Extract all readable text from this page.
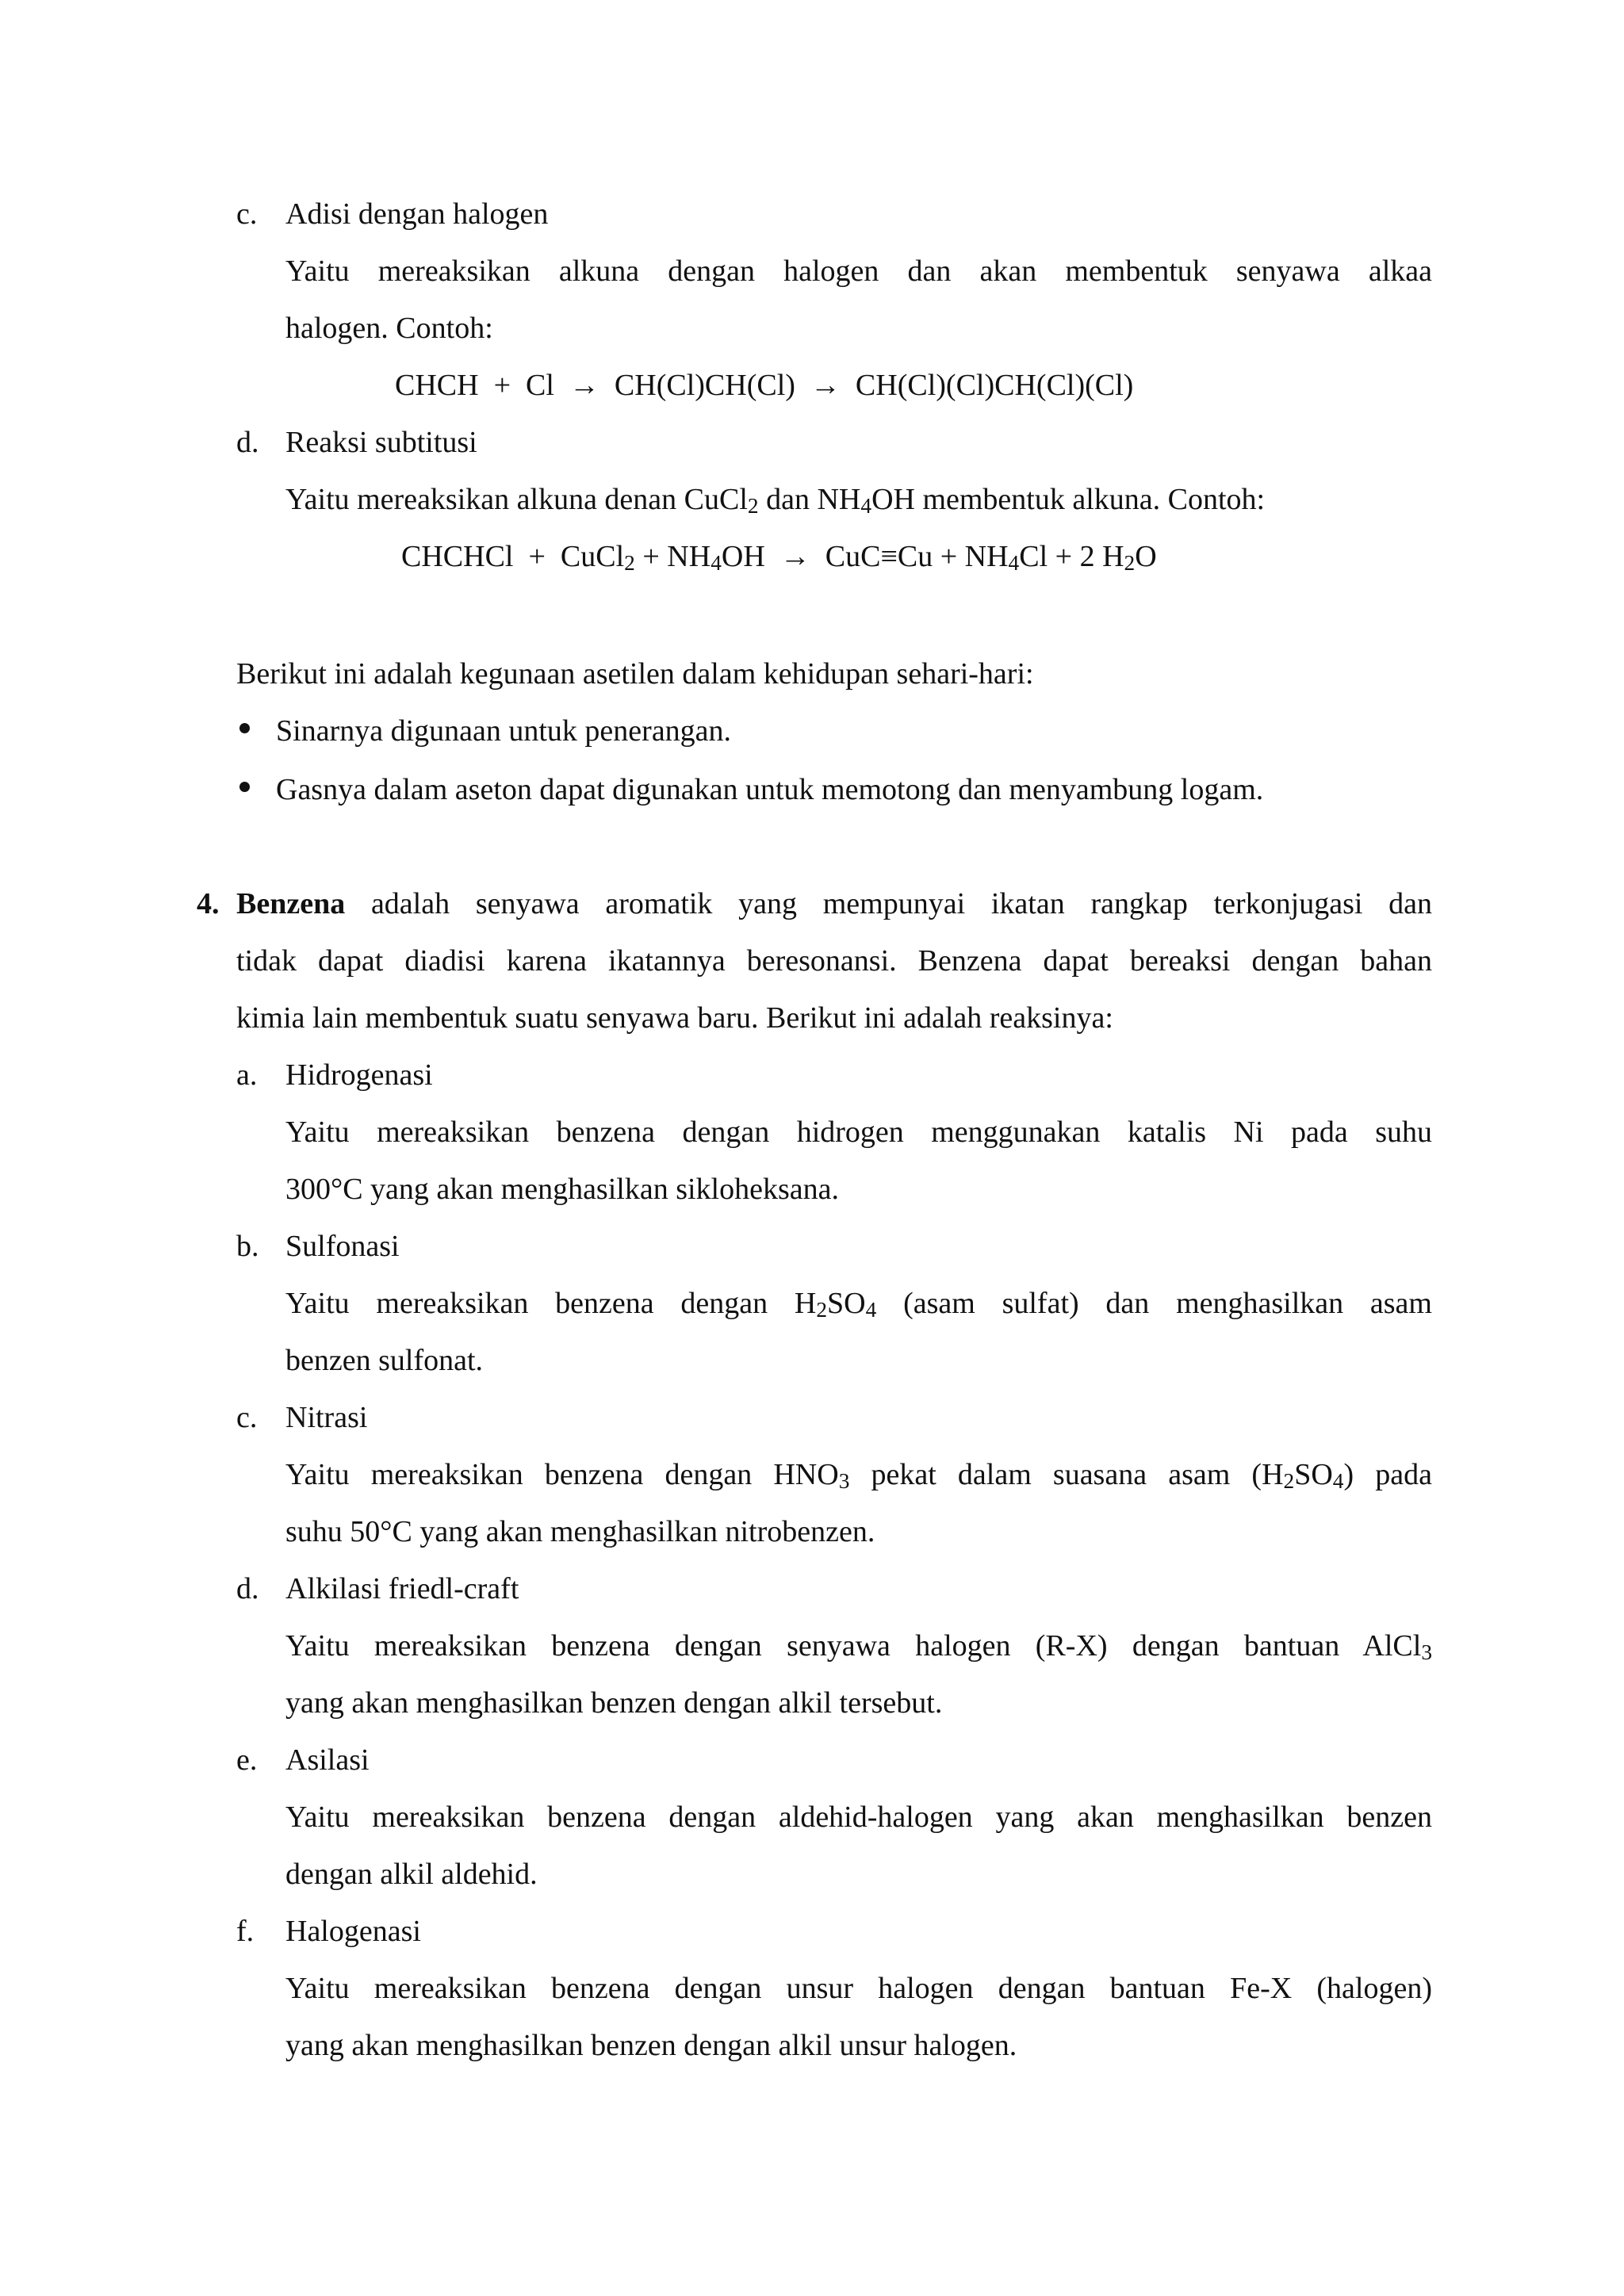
c. Adisi dengan halogen
Yaitu mereaksikan alkuna dengan halogen dan akan membentuk senyawa alkaa
halogen. Contoh:
CHCH  +  Cl  →  CH(Cl)CH(Cl)  →  CH(Cl)(Cl)CH(Cl)(Cl)
d. Reaksi subtitusi
Yaitu mereaksikan alkuna denan CuCl$_2$ dan $NH_4OH$ membentuk alkuna. Contoh:
CHCHCl  +  CuCl$_2$ + $NH_4OH \to CuC\equiv Cu + NH_4Cl + 2$ $H_2O$
Berikut ini adalah kegunaan asetilen dalam kehidupan sehari-hari:
Sinarnya digunaan untuk penerangan.
Gasnya dalam aseton dapat digunakan untuk memotong dan menyambung logam.
4. Benzena adalah senyawa aromatik yang mempunyai ikatan rangkap terkonjugasi dan
tidak dapat diadisi karena ikatannya beresonansi. Benzena dapat bereaksi dengan bahan
kimia lain membentuk suatu senyawa baru. Berikut ini adalah reaksinya:
a. Hidrogenasi
Yaitu mereaksikan benzena dengan hidrogen menggunakan katalis Ni pada suhu
300°C yang akan menghasilkan sikloheksana.
b. Sulfonasi
Yaitu mereaksikan benzena dengan $H_2SO_4$ (asam sulfat) dan menghasilkan asam
benzen sulfonat.
c. Nitrasi
Yaitu mereaksikan benzena dengan $HNO_3$ pekat dalam suasana asam $(H_2SO_4)$ pada
suhu 50°C yang akan menghasilkan nitrobenzen.
d. Alkilasi friedl-craft
Yaitu mereaksikan benzena dengan senyawa halogen (R-X) dengan bantuan AlCl$_3$
yang akan menghasilkan benzen dengan alkil tersebut.
e. Asilasi
Yaitu mereaksikan benzena dengan aldehid-halogen yang akan menghasilkan benzen
dengan alkil aldehid.
f. Halogenasi
Yaitu mereaksikan benzena dengan unsur halogen dengan bantuan Fe-X (halogen)
yang akan menghasilkan benzen dengan alkil unsur halogen.
